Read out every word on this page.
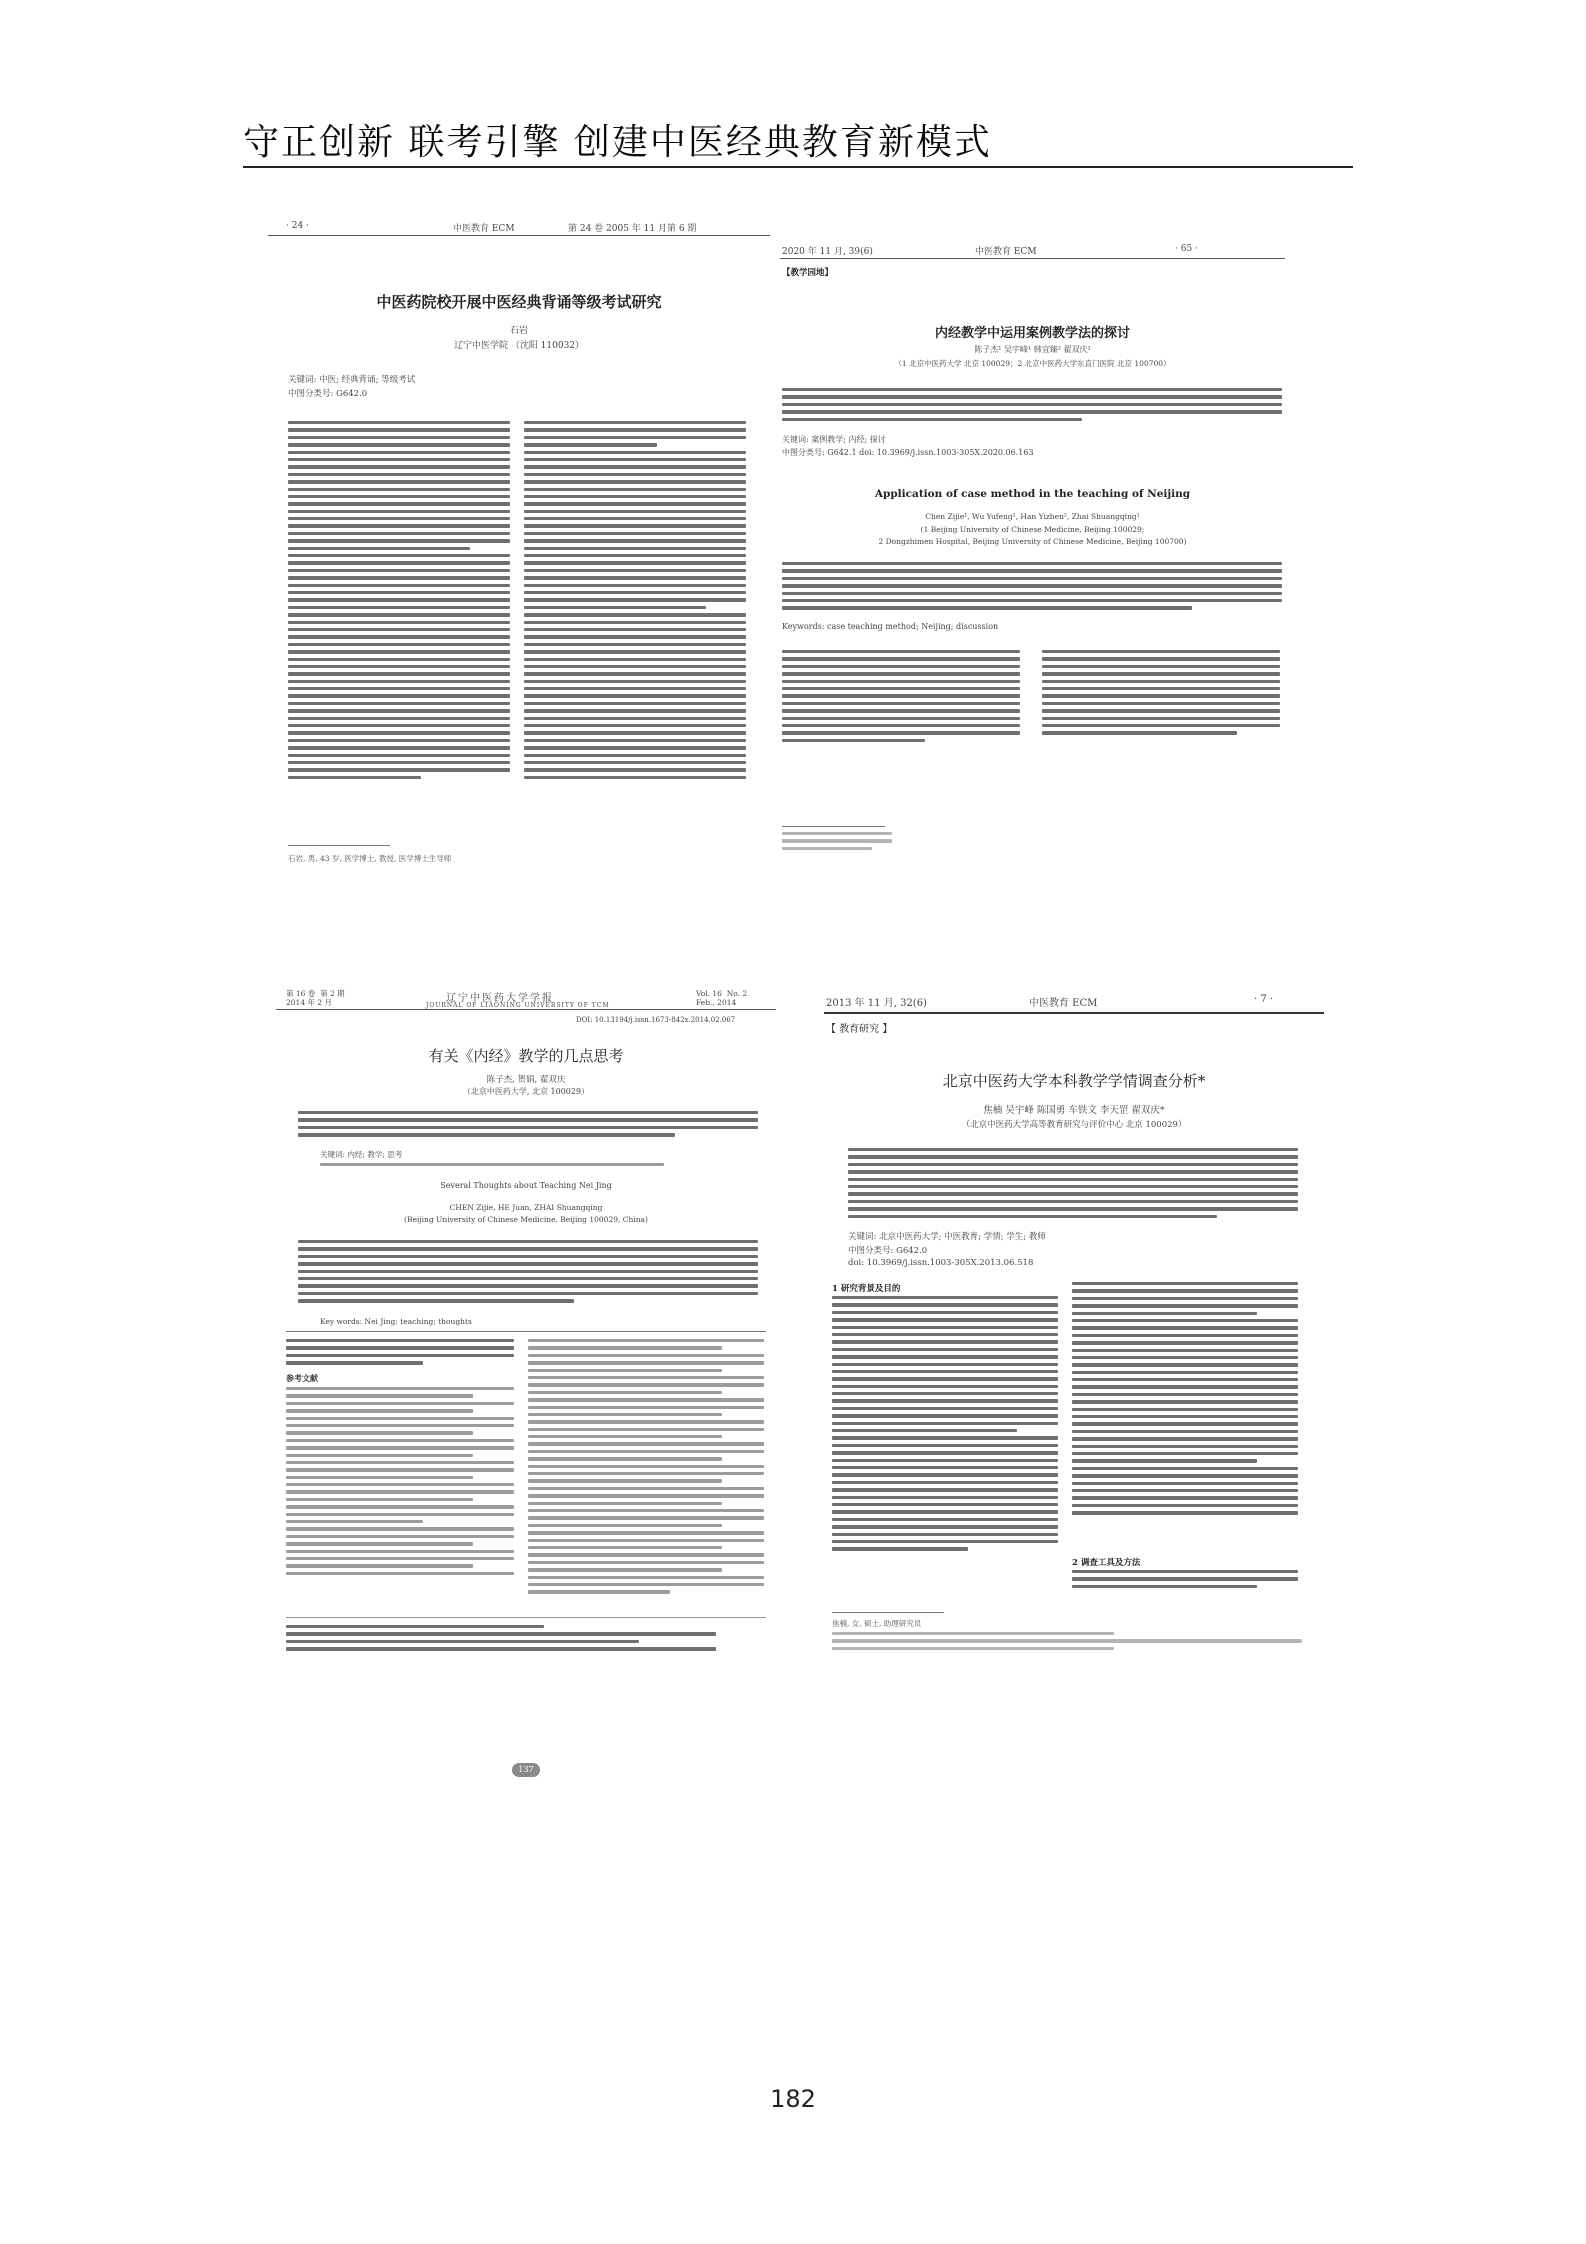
守正创新 联考引擎 创建中医经典教育新模式
· 24 ·	中医教育 ECM	第 24 卷 2005 年 11 月第 6 期
中医药院校开展中医经典背诵等级考试研究
石岩
辽宁中医学院 （沈阳 110032）
关键词: 中医; 经典背诵; 等级考试
中图分类号: G642.0
石岩, 男, 43 岁, 医学博士, 教授, 医学博士生导师
2020 年 11 月, 39(6)	中医教育 ECM	· 65 ·
【教学园地】
内经教学中运用案例教学法的探讨
陈子杰¹ 吴宇峰¹ 韩宜臻² 翟双庆¹
（1 北京中医药大学 北京 100029；2 北京中医药大学东直门医院 北京 100700）
关键词: 案例教学; 内经; 探讨
中图分类号: G642.1 doi: 10.3969/j.issn.1003-305X.2020.06.163
Application of case method in the teaching of Neijing
Chen Zijie¹, Wu Yufeng¹, Han Yizhen², Zhai Shuangqing¹
(1 Beijing University of Chinese Medicine, Beijing 100029;
2 Dongzhimen Hospital, Beijing University of Chinese Medicine, Beijing 100700)
Keywords: case teaching method; Neijing; discussion
第 16 卷  第 2 期
2014 年 2 月	辽宁中医药大学学报
JOURNAL OF LIAONING UNIVERSITY OF TCM
Vol. 16  No. 2
Feb., 2014
DOI: 10.13194/j.issn.1673-842x.2014.02.067
有关《内经》教学的几点思考
陈子杰, 贺娟, 翟双庆
（北京中医药大学, 北京 100029）
关键词: 内经; 教学; 思考
Several Thoughts about Teaching Nei Jing
CHEN Zijie, HE Juan, ZHAI Shuangqing
(Beijing University of Chinese Medicine, Beijing 100029, China)
Key words: Nei Jing; teaching; thoughts
参考文献
137
2013 年 11 月, 32(6)	中医教育 ECM	· 7 ·
【 教育研究 】
北京中医药大学本科教学学情调查分析*
焦楠 吴宇峰 陈国勇 车铁文 李天罡 翟双庆*
（北京中医药大学高等教育研究与评价中心 北京 100029）
关键词: 北京中医药大学; 中医教育; 学情; 学生; 教师
中图分类号: G642.0
doi: 10.3969/j.issn.1003-305X.2013.06.518
1 研究背景及目的
2 调查工具及方法
焦楠, 女, 硕士, 助理研究员
182
